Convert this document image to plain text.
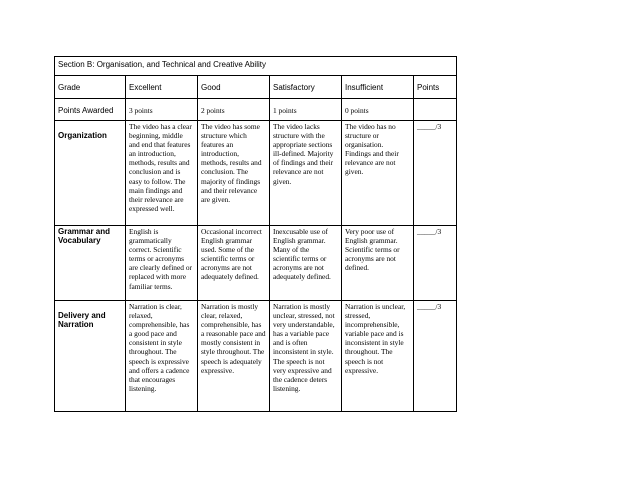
Section B: Organisation, and Technical and Creative Ability					
Grade	Excellent	Good	Satisfactory	Insufficient	Points
Points Awarded	3 points	2 points	1 points	0 points	
Organization	The video has a clear beginning, middle and end that features an introduction, methods, results and conclusion and is easy to follow. The main findings and their relevance are expressed well.	The video has some structure which features an introduction, methods, results and conclusion. The majority of findings and their relevance are given.	The video lacks structure with the appropriate sections ill-defined. Majority of findings and their relevance are not given.	The video has no structure or organisation. Findings and their relevance are not given.	_____/3
Grammar and Vocabulary	English is grammatically correct. Scientific terms or acronyms are clearly defined or replaced with more familiar terms.	Occasional incorrect English grammar used. Some of the scientific terms or acronyms are not adequately defined.	Inexcusable use of English grammar. Many of the scientific terms or acronyms are not adequately defined.	Very poor use of English grammar. Scientific terms or acronyms are not defined.	_____/3
Delivery and Narration	Narration is clear, relaxed, comprehensible, has a good pace and consistent in style throughout. The speech is expressive and offers a cadence that encourages listening.	Narration is mostly clear, relaxed, comprehensible, has a reasonable pace and mostly consistent in style throughout. The speech is adequately expressive.	Narration is mostly unclear, stressed, not very understandable, has a variable pace and is often inconsistent in style. The speech is not very expressive and the cadence deters listening.	Narration is unclear, stressed, incomprehensible, variable pace and is inconsistent in style throughout. The speech is not expressive.	_____/3
